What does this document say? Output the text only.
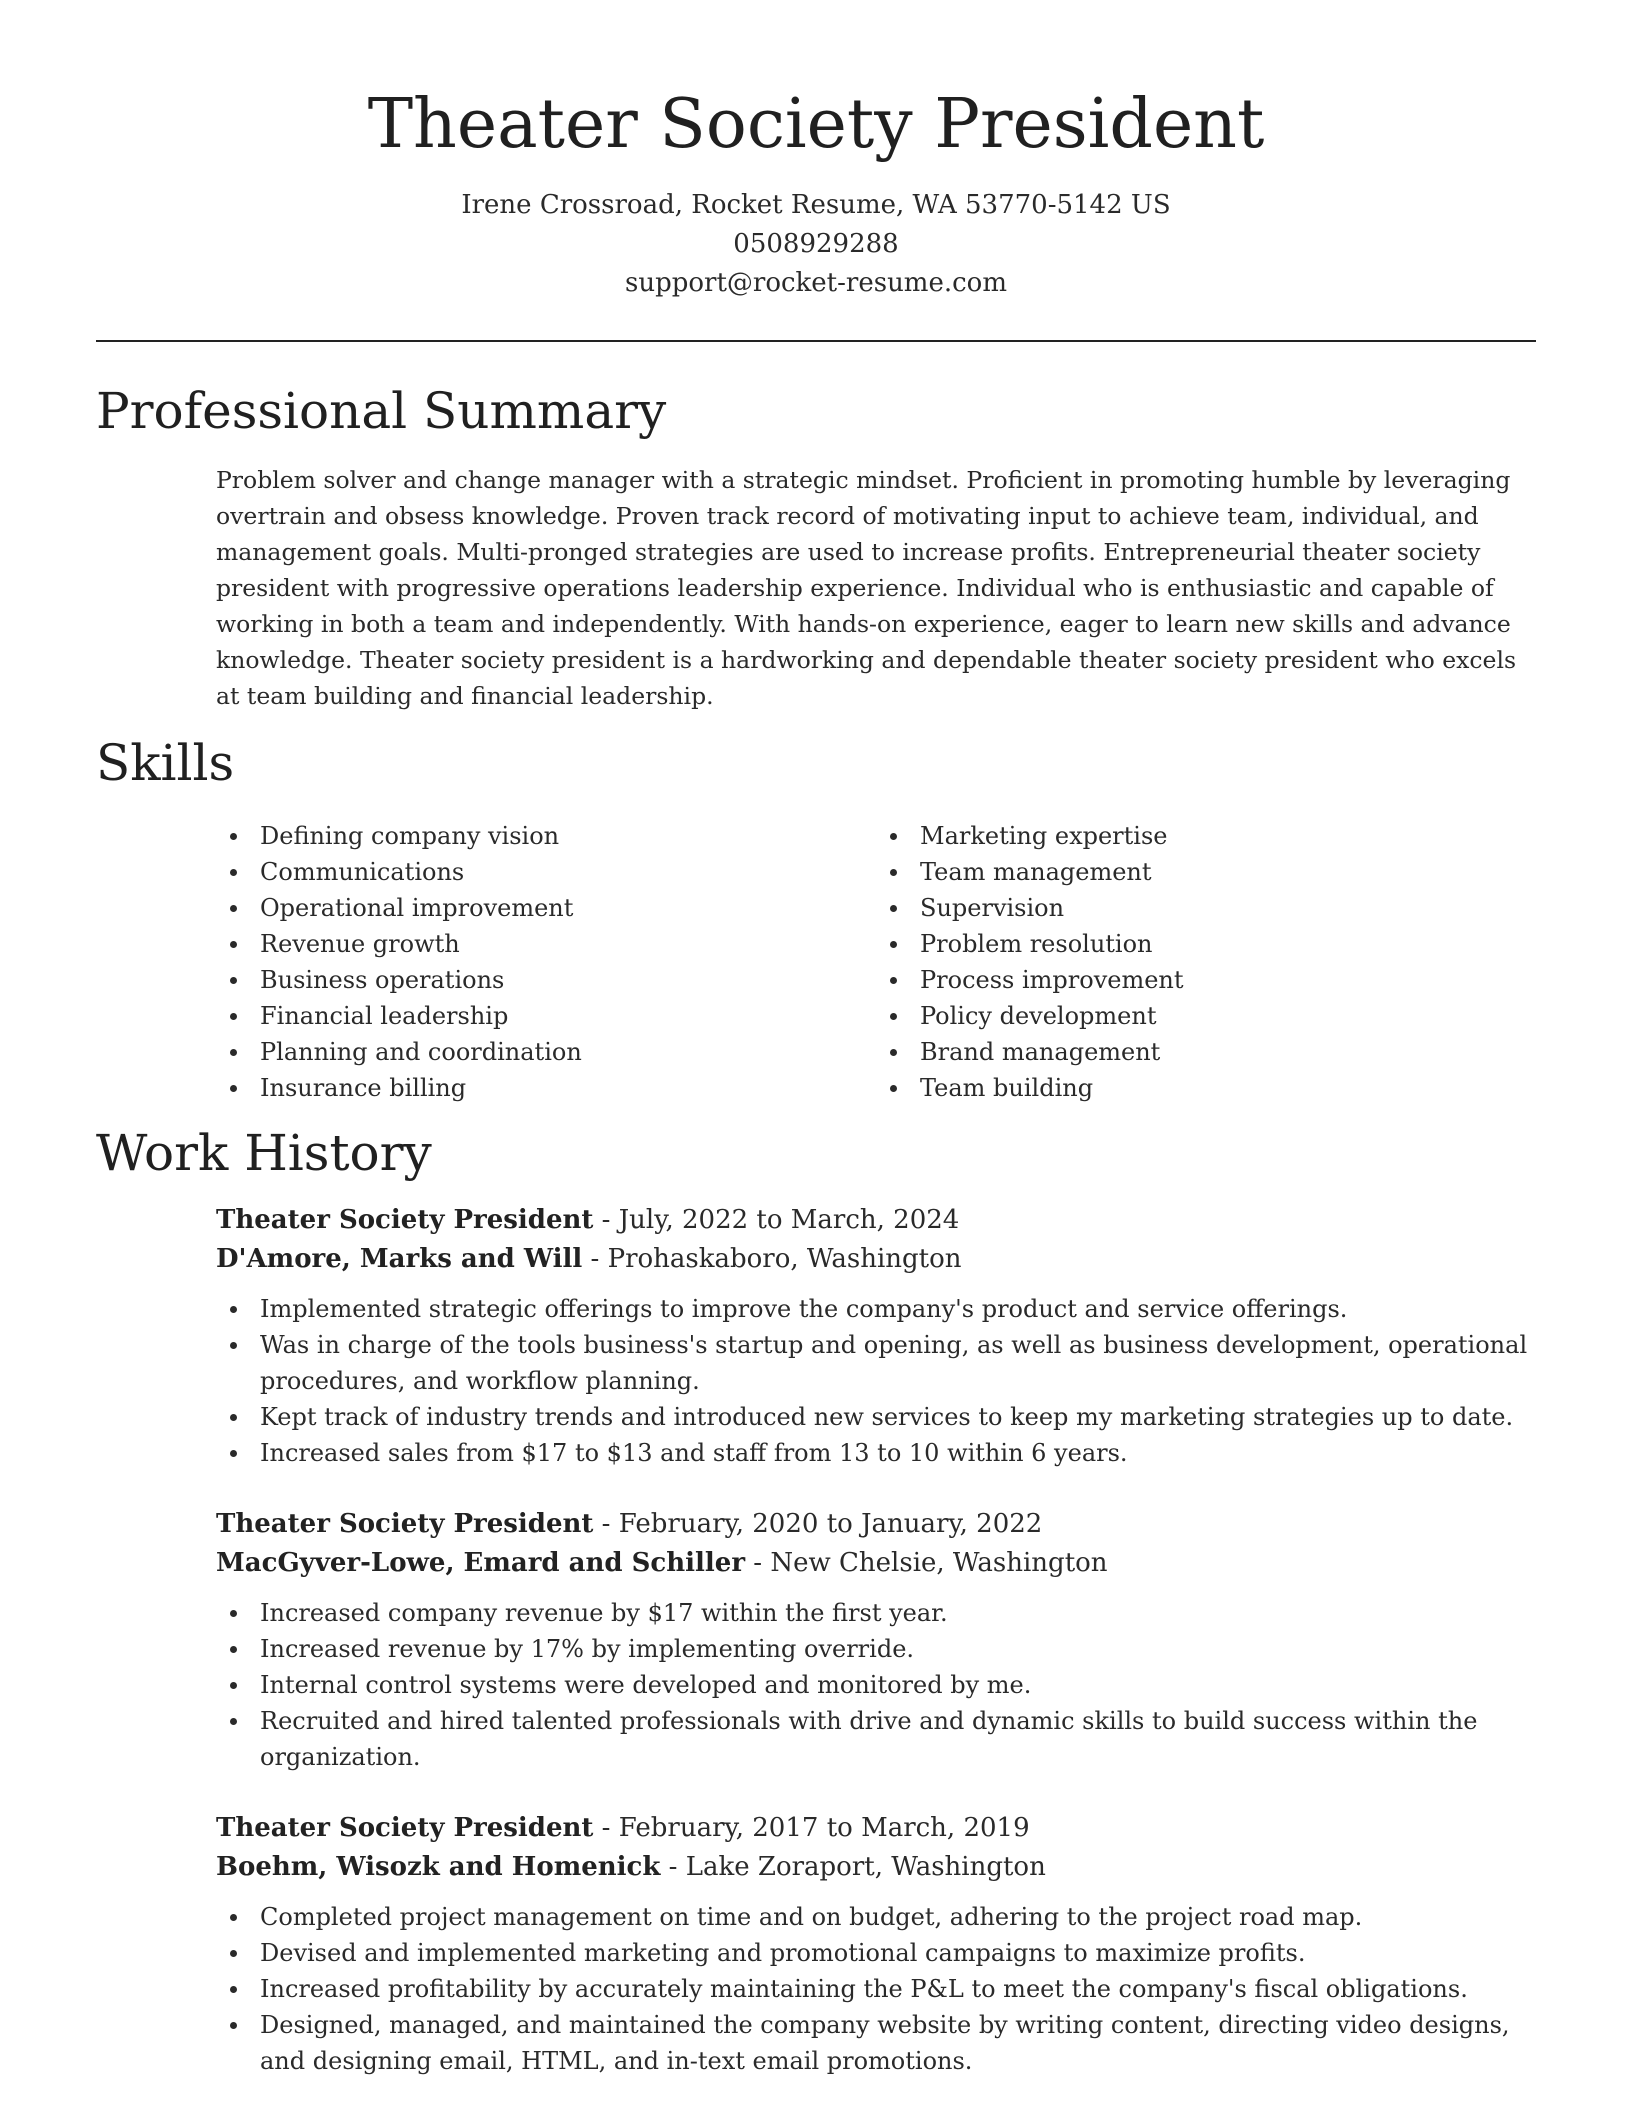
Theater Society President
Irene Crossroad, Rocket Resume, WA 53770-5142 US
0508929288
support@rocket-resume.com
Professional Summary

Problem solver and change manager with a strategic mindset. Proficient in promoting humble by leveraging overtrain and obsess knowledge. Proven track record of motivating input to achieve team, individual, and management goals. Multi-pronged strategies are used to increase profits. Entrepreneurial theater society president with progressive operations leadership experience. Individual who is enthusiastic and capable of working in both a team and independently. With hands-on experience, eager to learn new skills and advance knowledge. Theater society president is a hardworking and dependable theater society president who excels at team building and financial leadership.

Skills
Defining company vision
Communications
Operational improvement
Revenue growth
Business operations
Financial leadership
Planning and coordination
Insurance billing
Marketing expertise
Team management
Supervision
Problem resolution
Process improvement
Policy development
Brand management
Team building
Work History
Theater Society President - July, 2022 to March, 2024
D'Amore, Marks and Will - Prohaskaboro, Washington
Implemented strategic offerings to improve the company's product and service offerings.
Was in charge of the tools business's startup and opening, as well as business development, operational procedures, and workflow planning.
Kept track of industry trends and introduced new services to keep my marketing strategies up to date.
Increased sales from $17 to $13 and staff from 13 to 10 within 6 years.
Theater Society President - February, 2020 to January, 2022
MacGyver-Lowe, Emard and Schiller - New Chelsie, Washington
Increased company revenue by $17 within the first year.
Increased revenue by 17% by implementing override.
Internal control systems were developed and monitored by me.
Recruited and hired talented professionals with drive and dynamic skills to build success within the organization.
Theater Society President - February, 2017 to March, 2019
Boehm, Wisozk and Homenick - Lake Zoraport, Washington
Completed project management on time and on budget, adhering to the project road map.
Devised and implemented marketing and promotional campaigns to maximize profits.
Increased profitability by accurately maintaining the P&L to meet the company's fiscal obligations.
Designed, managed, and maintained the company website by writing content, directing video designs, and designing email, HTML, and in-text email promotions.
